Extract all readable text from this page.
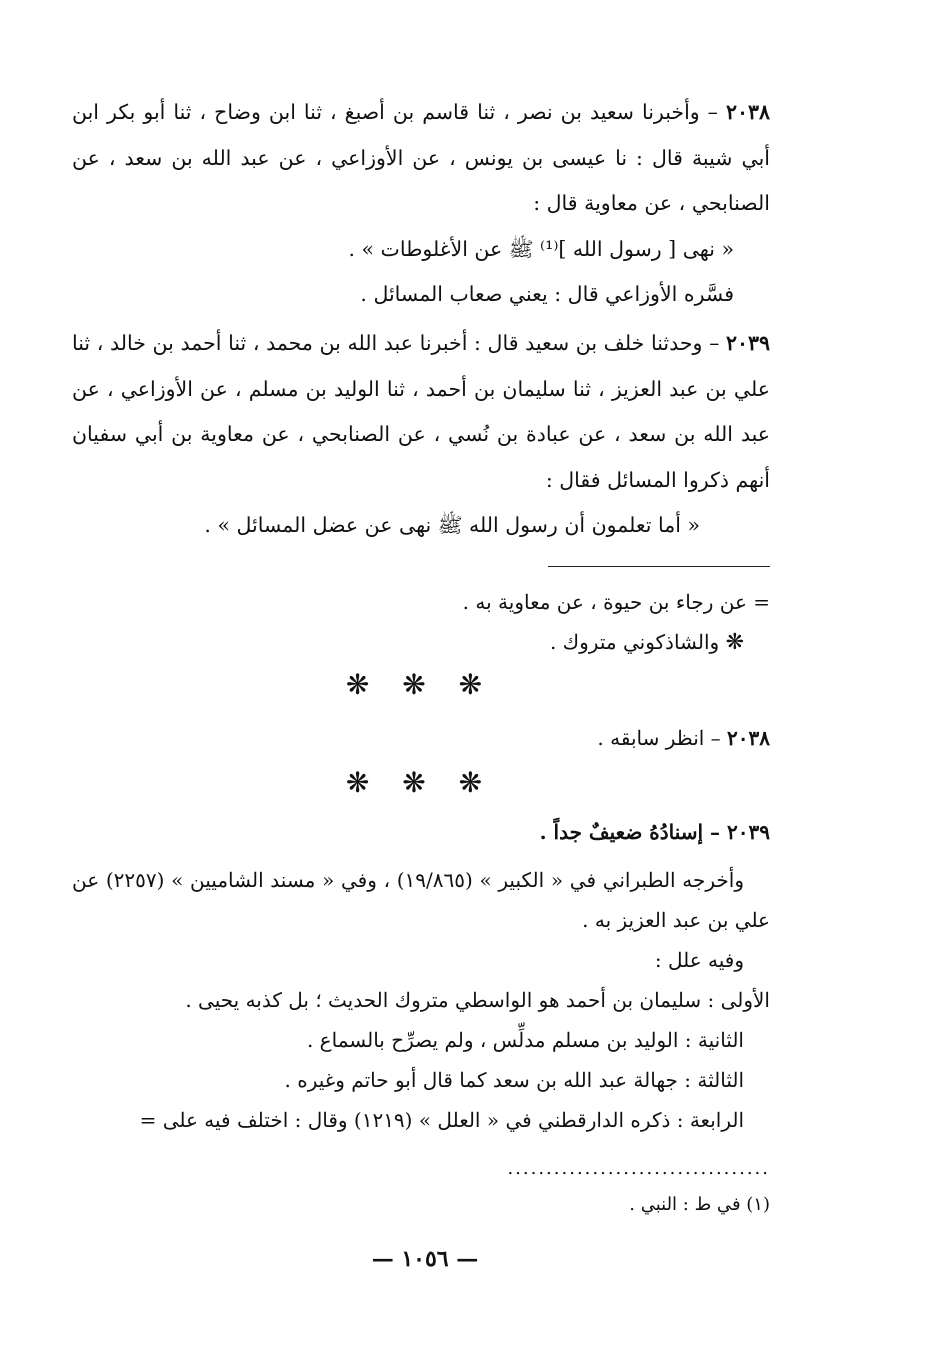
٢٠٣٨ – وأخبرنا سعيد بن نصر ، ثنا قاسم بن أصبغ ، ثنا ابن وضاح ، ثنا أبو بكر ابن أبي شيبة قال : نا عيسى بن يونس ، عن الأوزاعي ، عن عبد الله بن سعد ، عن الصنابحي ، عن معاوية قال :
« نهى [ رسول الله ]⁽¹⁾ ﷺ عن الأغلوطات » .
فسَّره الأوزاعي قال : يعني صعاب المسائل .
٢٠٣٩ – وحدثنا خلف بن سعيد قال : أخبرنا عبد الله بن محمد ، ثنا أحمد بن خالد ، ثنا علي بن عبد العزيز ، ثنا سليمان بن أحمد ، ثنا الوليد بن مسلم ، عن الأوزاعي ، عن عبد الله بن سعد ، عن عبادة بن نُسي ، عن الصنابحي ، عن معاوية بن أبي سفيان أنهم ذكروا المسائل فقال :
« أما تعلمون أن رسول الله ﷺ نهى عن عضل المسائل » .
= عن رجاء بن حيوة ، عن معاوية به .
❋ والشاذكوني متروك .
❋ ❋ ❋
٢٠٣٨ – انظر سابقه .
❋ ❋ ❋
٢٠٣٩ – إسنادُهُ ضعيفٌ جداً .
وأخرجه الطبراني في « الكبير » (١٩/٨٦٥) ، وفي « مسند الشاميين » (٢٢٥٧) عن علي بن عبد العزيز به .
وفيه علل :
الأولى : سليمان بن أحمد هو الواسطي متروك الحديث ؛ بل كذبه يحيى .
الثانية : الوليد بن مسلم مدلِّس ، ولم يصرِّح بالسماع .
الثالثة : جهالة عبد الله بن سعد كما قال أبو حاتم وغيره .
الرابعة : ذكره الدارقطني في « العلل » (١٢١٩) وقال : اختلف فيه على =
..................................
(١) في ط : النبي .
— ١٠٥٦ —
